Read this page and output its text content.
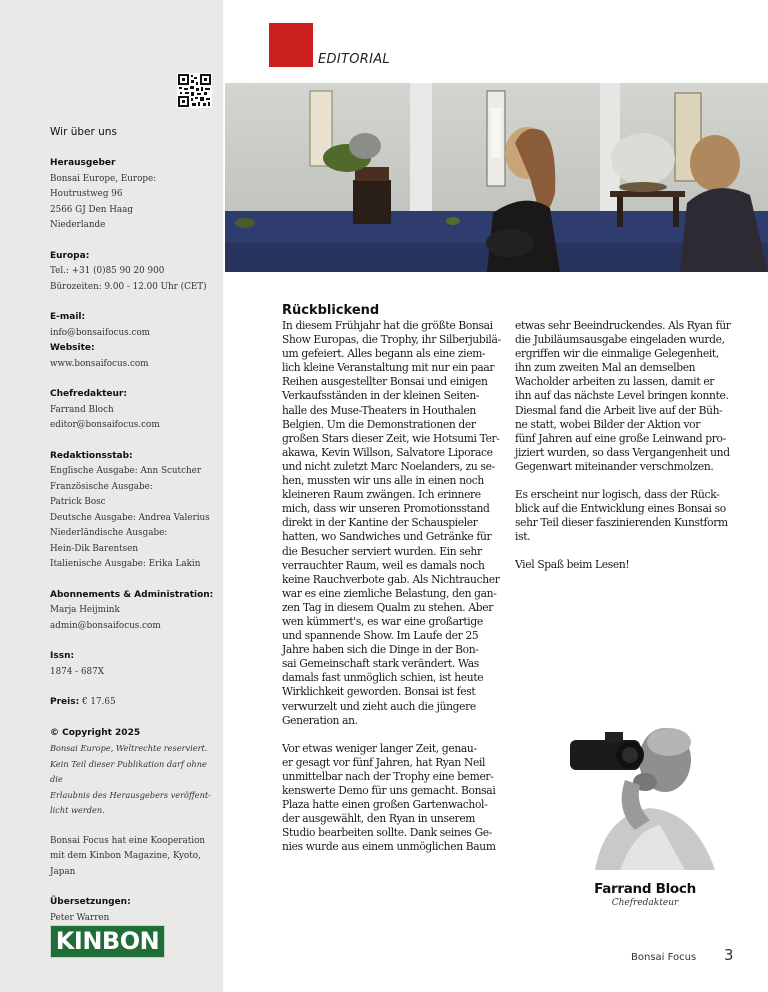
Wir über uns
Herausgeber
Bonsai Europe, Europe:
Houtrustweg 96
2566 GJ Den Haag
Niederlande
Europa:
Tel.: +31 (0)85 90 20 900
Bürozeiten: 9.00 - 12.00 Uhr (CET)
E-mail:
info@bonsaifocus.com
Website:
www.bonsaifocus.com
Chefredakteur:
Farrand Bloch
editor@bonsaifocus.com
Redaktionsstab:
Englische Ausgabe: Ann Scutcher
Französische Ausgabe:
Patrick Bosc
Deutsche Ausgabe: Andrea Valerius
Niederländische Ausgabe:
Hein-Dik Barentsen
Italienische Ausgabe: Erika Lakin
Abonnements & Administration:
Marja Heijmink
admin@bonsaifocus.com
Issn:
1874 - 687X
Preis: € 17.65
© Copyright 2025
Bonsai Europe, Weltrechte reserviert.
Kein Teil dieser Publikation darf ohne die
Erlaubnis des Herausgebers veröffent-
licht werden.
Bonsai Focus hat eine Kooperation
mit dem Kinbon Magazine, Kyoto,
Japan
Übersetzungen:
Peter Warren
KINBON
EDITORIAL
Rückblickend

In diesem Frühjahr hat die größte Bonsai
Show Europas, die Trophy, ihr Silberjubilä-
um gefeiert. Alles begann als eine ziem-
lich kleine Veranstaltung mit nur ein paar
Reihen ausgestellter Bonsai und einigen
Verkaufsständen in der kleinen Seiten-
halle des Muse-Theaters in Houthalen
Belgien. Um die Demonstrationen der
großen Stars dieser Zeit, wie Hotsumi Ter-
akawa, Kevin Willson, Salvatore Liporace
und nicht zuletzt Marc Noelanders, zu se-
hen, mussten wir uns alle in einen noch
kleineren Raum zwängen. Ich erinnere
mich, dass wir unseren Promotionsstand
direkt in der Kantine der Schauspieler
hatten, wo Sandwiches und Getränke für
die Besucher serviert wurden. Ein sehr
verrauchter Raum, weil es damals noch
keine Rauchverbote gab. Als Nichtraucher
war es eine ziemliche Belastung, den gan-
zen Tag in diesem Qualm zu stehen. Aber
wen kümmert's, es war eine großartige
und spannende Show. Im Laufe der 25
Jahre haben sich die Dinge in der Bon-
sai Gemeinschaft stark verändert. Was
damals fast unmöglich schien, ist heute
Wirklichkeit geworden. Bonsai ist fest
verwurzelt und zieht auch die jüngere
Generation an.

Vor etwas weniger langer Zeit, genau-
er gesagt vor fünf Jahren, hat Ryan Neil
unmittelbar nach der Trophy eine bemer-
kenswerte Demo für uns gemacht. Bonsai
Plaza hatte einen großen Gartenwachol-
der ausgewählt, den Ryan in unserem
Studio bearbeiten sollte. Dank seines Ge-
nies wurde aus einem unmöglichen Baum

etwas sehr Beeindruckendes. Als Ryan für
die Jubiläumsausgabe eingeladen wurde,
ergriffen wir die einmalige Gelegenheit,
ihn zum zweiten Mal an demselben
Wacholder arbeiten zu lassen, damit er
ihn auf das nächste Level bringen konnte.
Diesmal fand die Arbeit live auf der Büh-
ne statt, wobei Bilder der Aktion vor
fünf Jahren auf eine große Leinwand pro-
jiziert wurden, so dass Vergangenheit und
Gegenwart miteinander verschmolzen.

Es erscheint nur logisch, dass der Rück-
blick auf die Entwicklung eines Bonsai so
sehr Teil dieser faszinierenden Kunstform
ist.

Viel Spaß beim Lesen!

Farrand Bloch
Chefredakteur
Bonsai Focus 3
